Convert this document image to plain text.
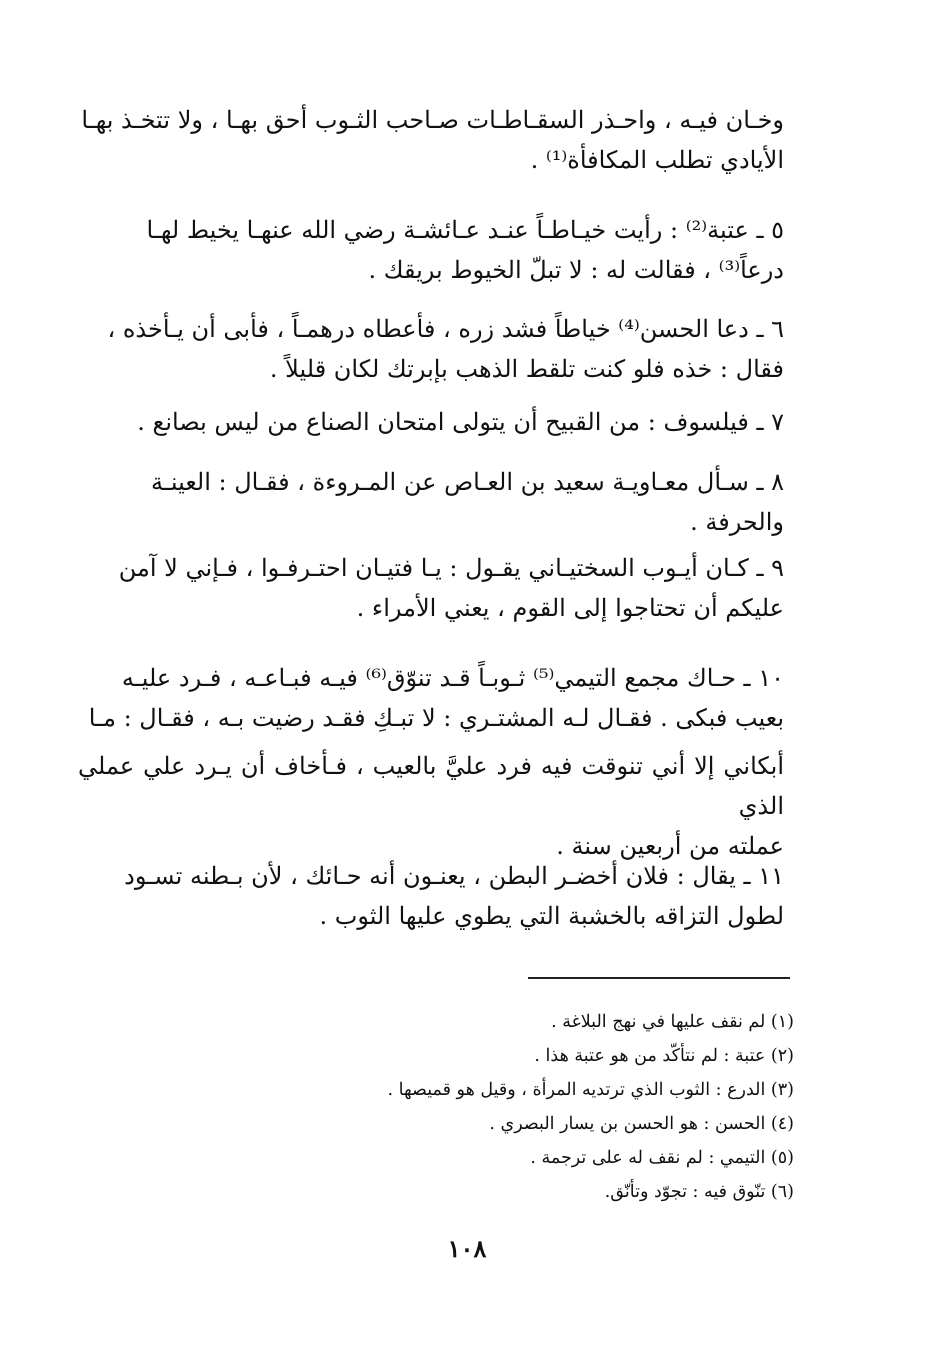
وخـان فيـه ، واحـذر السقـاطـات صـاحب الثـوب أحق بهـا ، ولا تتخـذ بهـا
الأيادي تطلب المكافأة⁽¹⁾ .
٥ ـ عتبة⁽²⁾ : رأيت خيـاطـاً عنـد عـائشـة رضي الله عنهـا يخيط لهـا
درعاً⁽³⁾ ، فقالت له : لا تبلّ الخيوط بريقك .
٦ ـ دعا الحسن⁽⁴⁾ خياطاً فشد زره ، فأعطاه درهمـاً ، فأبى أن يـأخذه ،
فقال : خذه فلو كنت تلقط الذهب بإبرتك لكان قليلاً .
٧ ـ فيلسوف : من القبيح أن يتولى امتحان الصناع من ليس بصانع .
٨ ـ سـأل معـاويـة سعيد بن العـاص عن المـروءة ، فقـال : العينـة
والحرفة .
٩ ـ كـان أيـوب السختيـاني يقـول : يـا فتيـان احتـرفـوا ، فـإني لا آمن
عليكم أن تحتاجوا إلى القوم ، يعني الأمراء .
١٠ ـ حـاك مجمع التيمي⁽⁵⁾ ثـوبـاً قـد تنوّق⁽⁶⁾ فيـه فبـاعـه ، فـرد عليـه
بعيب فبكى . فقـال لـه المشتـري : لا تبـكِ فقـد رضيت بـه ، فقـال : مـا
أبكاني إلا أني تنوقت فيه فرد عليَّ بالعيب ، فـأخاف أن يـرد علي عملي الذي
عملته من أربعين سنة .
١١ ـ يقال : فلان أخضـر البطن ، يعنـون أنه حـائك ، لأن بـطنه تسـود
لطول التزاقه بالخشبة التي يطوي عليها الثوب .
(١) لم نقف عليها في نهج البلاغة .
(٢) عتبة : لم نتأكّد من هو عتبة هذا .
(٣) الدرع : الثوب الذي ترتديه المرأة ، وقيل هو قميصها .
(٤) الحسن : هو الحسن بن يسار البصري .
(٥) التيمي : لم نقف له على ترجمة .
(٦) تنّوق فيه : تجوّد وتأنّق.
١٠٨
